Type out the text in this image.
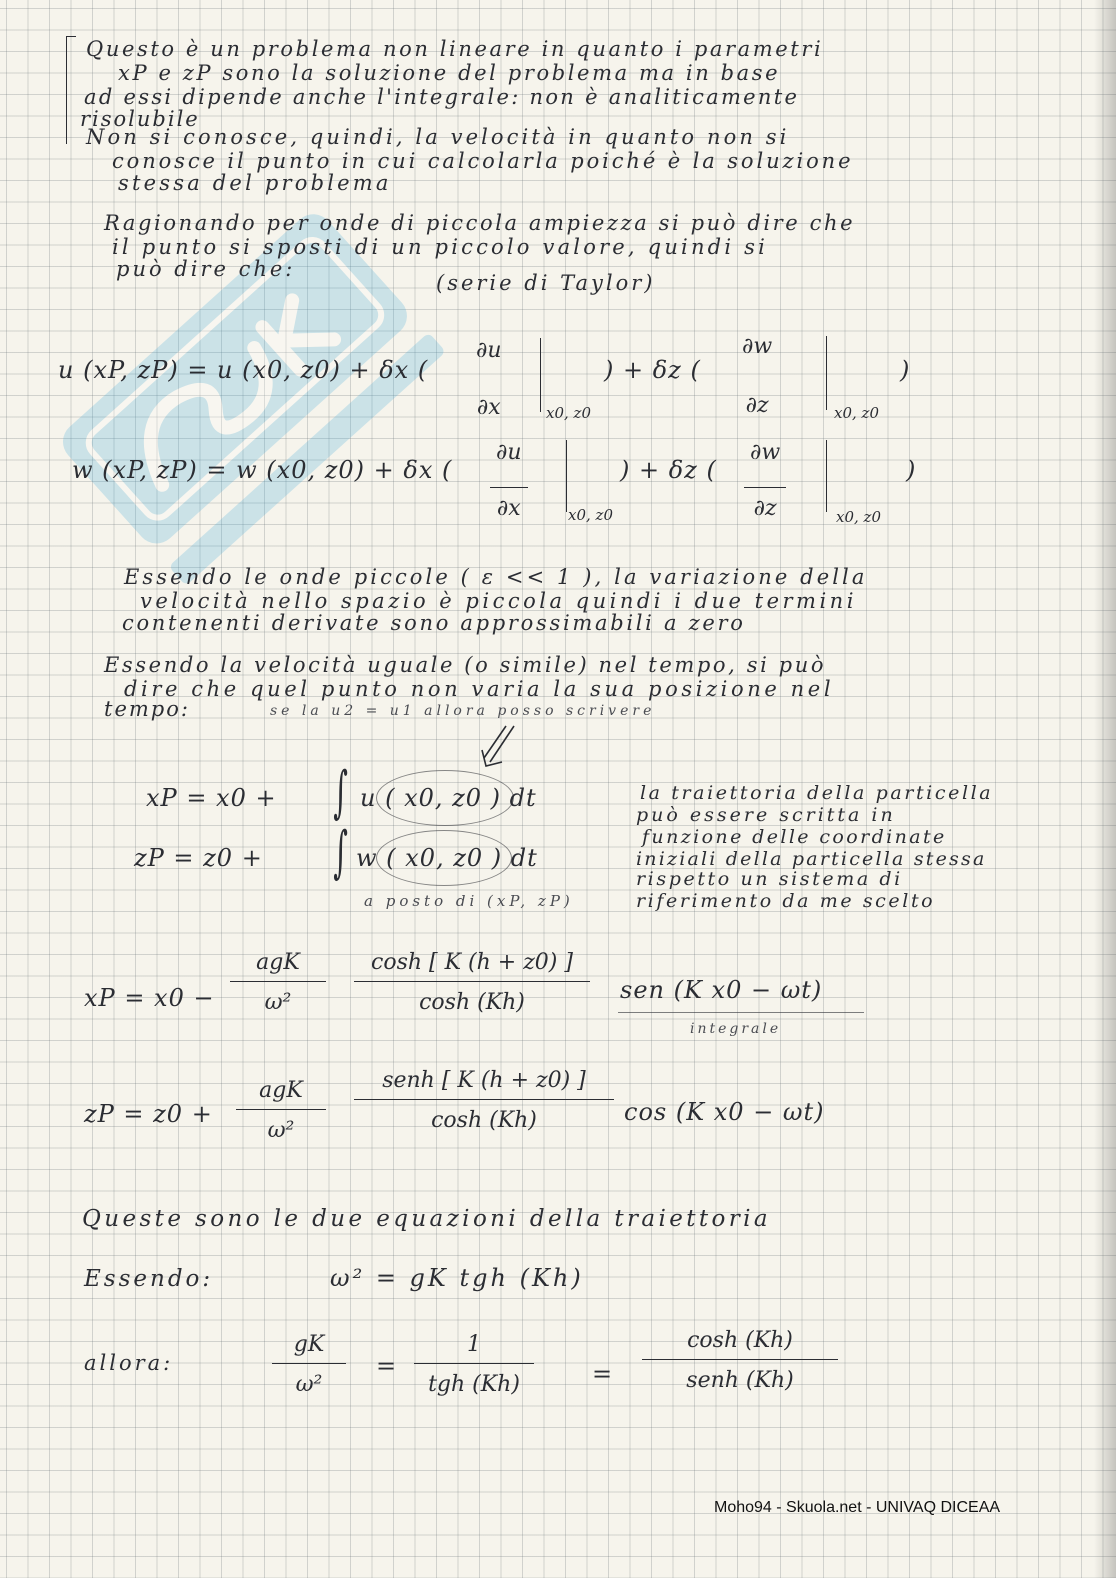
Questo è un problema non lineare in quanto i parametri

xP e zP sono la soluzione del problema ma in base

ad essi dipende anche l'integrale: non è analiticamente

risolubile

Non si conosce, quindi, la velocità in quanto non si

conosce il punto in cui calcolarla poiché è la soluzione

stessa del problema

Ragionando per onde di piccola ampiezza si può dire che

il punto si sposti di un piccolo valore, quindi si

può dire che:

(serie di Taylor)

u (xP, zP) = u (x0, z0) + δx (
∂u
∂x	x0, z0
) + δz (
∂w
∂z	x0, z0
)
w (xP, zP) = w (x0, z0) + δx ( $\frac{\partial u}{\partial x}$	x0, z0
) + δz ( $\frac{\partial w}{\partial z}$	x0, z0
)

Essendo le onde piccole ( ε << 1 ), la variazione della

velocità nello spazio è piccola quindi i due termini

contenenti derivate sono approssimabili a zero

Essendo la velocità uguale (o simile) nel tempo, si può

dire che quel punto non varia la sua posizione nel

tempo:	se la u2 = u1 allora posso scrivere

xP = x0 + ∫ u ( x0, z0 ) dt
zP = z0 + ∫ w ( x0, z0 ) dt

a posto di (xP, zP)

la traiettoria della particella

può essere scritta in

funzione delle coordinate

iniziali della particella stessa

rispetto un sistema di

riferimento da me scelto

xP = x0 −
agK
ω²	$\frac{\cosh [ K (h + z0) ]}{\cosh (Kh)}$ sen (K x0 − ωt)

integrale

zP = z0 +
agK
ω²
senh [ K (h + z0) ]
cosh (Kh)	cos (K x0 − ωt)

Queste sono le due equazioni della traiettoria

Essendo:	ω² = gK tgh (Kh)

allora:	$\frac{gK}{\text{ω²}}$ =
1
tgh (Kh)	=
cosh (Kh)
senh (Kh)
Moho94 - Skuola.net - UNIVAQ DICEAA
